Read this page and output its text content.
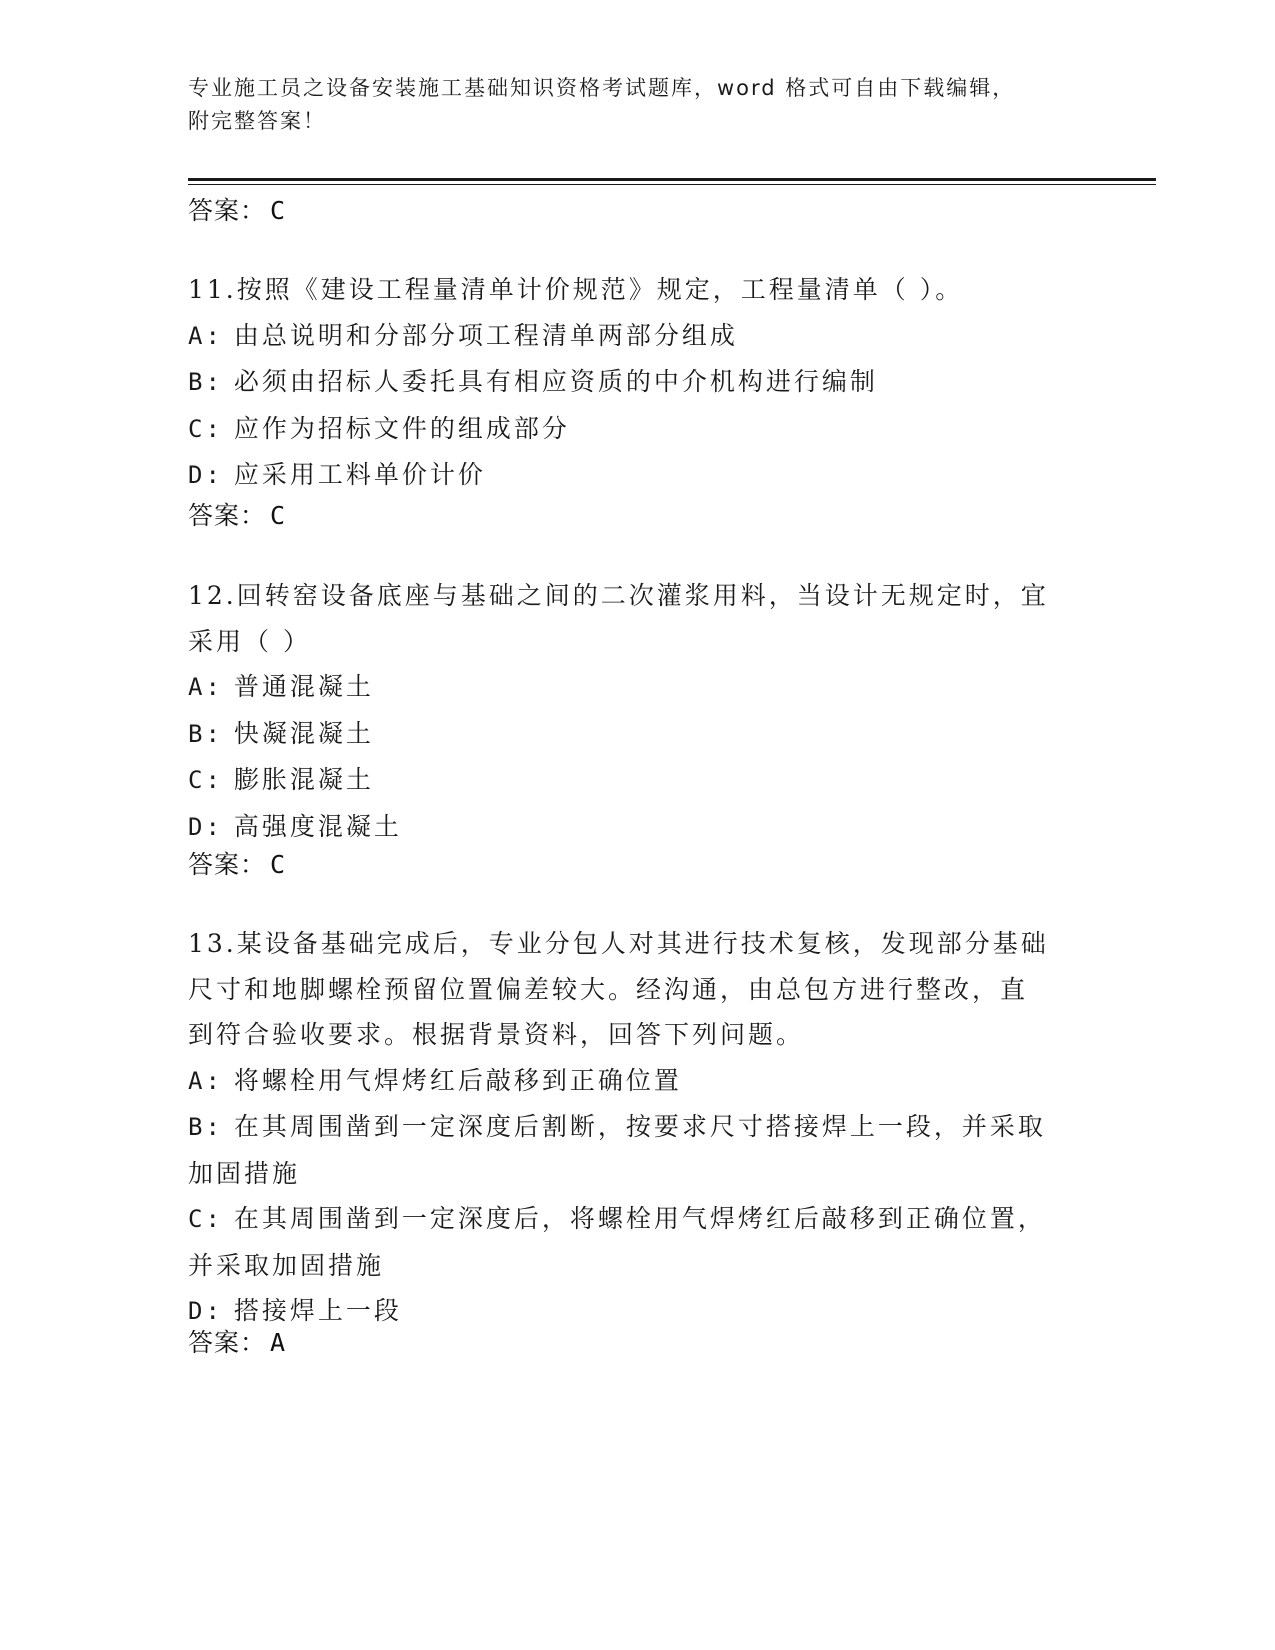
专业施工员之设备安装施工基础知识资格考试题库，word 格式可自由下载编辑，
附完整答案！
答案： C
11.按照《建设工程量清单计价规范》规定，工程量清单（ ）。
A: 由总说明和分部分项工程清单两部分组成
B: 必须由招标人委托具有相应资质的中介机构进行编制
C: 应作为招标文件的组成部分
D: 应采用工料单价计价
答案： C
12.回转窑设备底座与基础之间的二次灌浆用料，当设计无规定时，宜
采用（ ）
A: 普通混凝土
B: 快凝混凝土
C: 膨胀混凝土
D: 高强度混凝土
答案： C
13.某设备基础完成后，专业分包人对其进行技术复核，发现部分基础
尺寸和地脚螺栓预留位置偏差较大。经沟通，由总包方进行整改，直
到符合验收要求。根据背景资料，回答下列问题。
A: 将螺栓用气焊烤红后敲移到正确位置
B: 在其周围凿到一定深度后割断，按要求尺寸搭接焊上一段，并采取
加固措施
C: 在其周围凿到一定深度后，将螺栓用气焊烤红后敲移到正确位置，
并采取加固措施
D: 搭接焊上一段
答案： A
